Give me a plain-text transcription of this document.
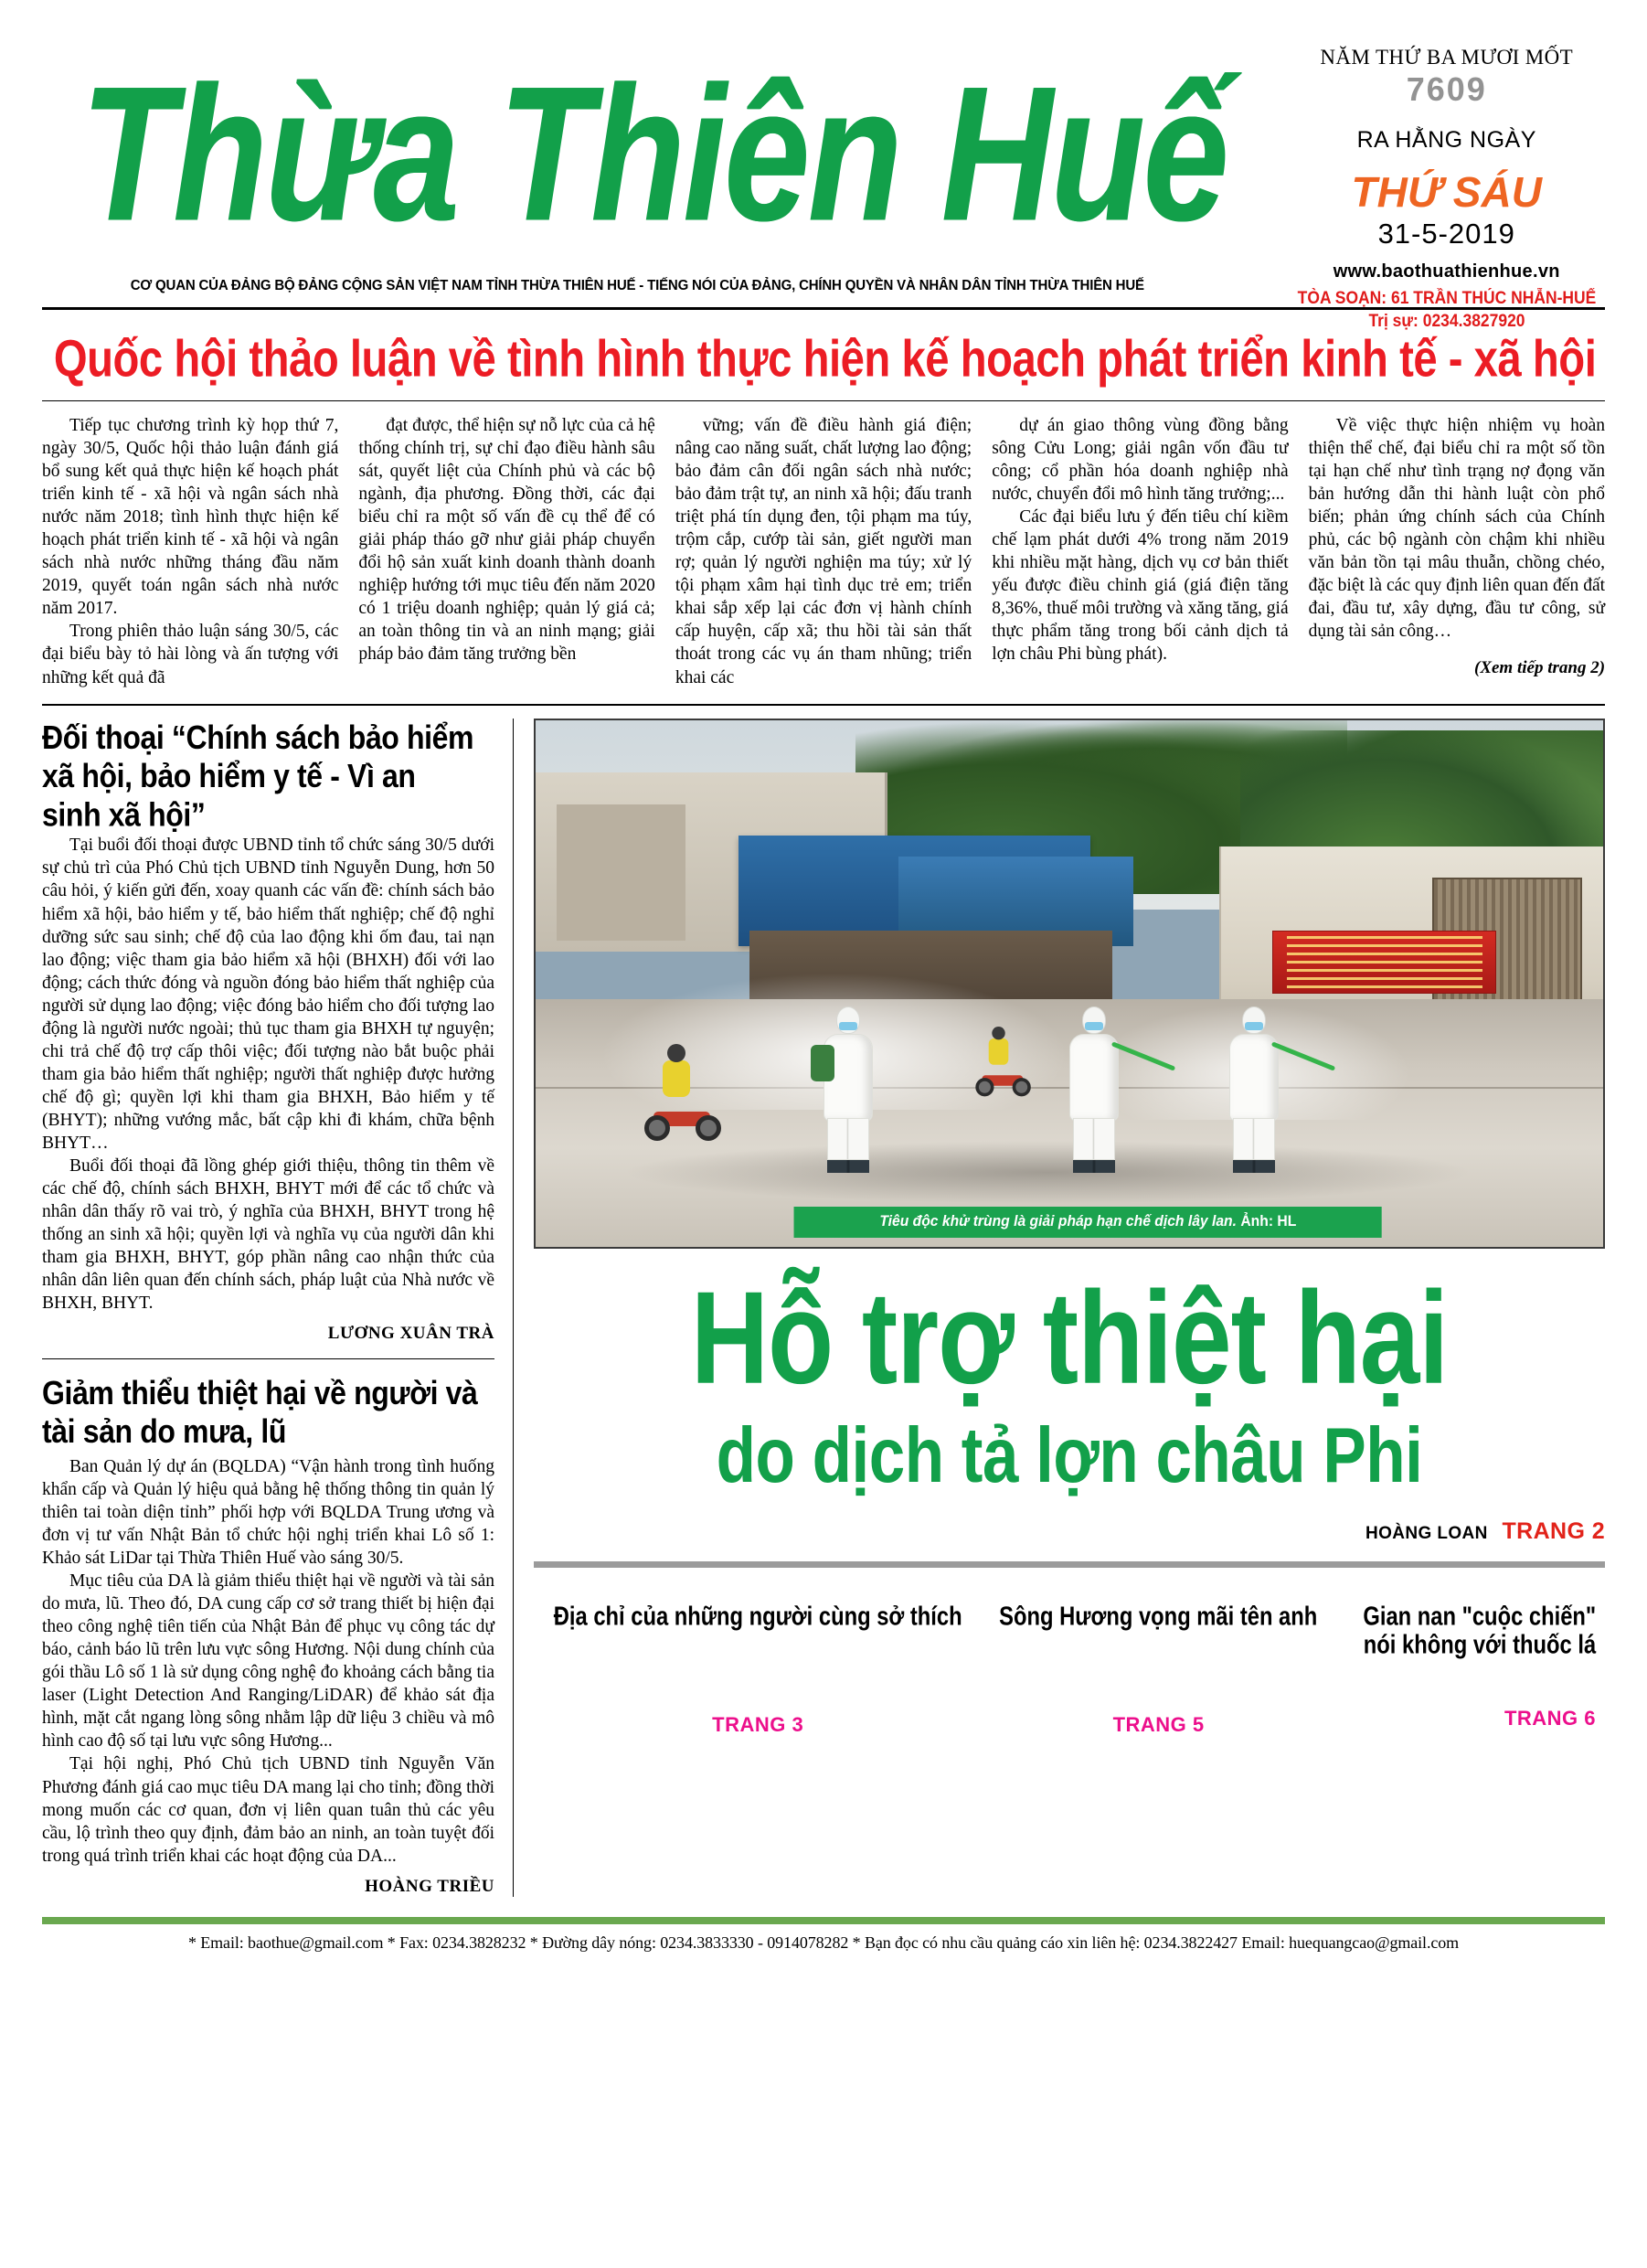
Thừa Thiên Huế	NĂM THỨ BA MƯƠI MỐT
7609
RA HẰNG NGÀY
THỨ SÁU
31-5-2019
www.baothuathienhue.vn
TÒA SOẠN: 61 TRẦN THÚC NHẪN-HUẾ
Trị sự: 0234.3827920
CƠ QUAN CỦA ĐẢNG BỘ ĐẢNG CỘNG SẢN VIỆT NAM TỈNH THỪA THIÊN HUẾ - TIẾNG NÓI CỦA ĐẢNG, CHÍNH QUYỀN VÀ NHÂN DÂN TỈNH THỪA THIÊN HUẾ
Quốc hội thảo luận về tình hình thực hiện kế hoạch phát triển kinh tế - xã hội

Tiếp tục chương trình kỳ họp thứ 7, ngày 30/5, Quốc hội thảo luận đánh giá bổ sung kết quả thực hiện kế hoạch phát triển kinh tế - xã hội và ngân sách nhà nước năm 2018; tình hình thực hiện kế hoạch phát triển kinh tế - xã hội và ngân sách nhà nước những tháng đầu năm 2019, quyết toán ngân sách nhà nước năm 2017.

Trong phiên thảo luận sáng 30/5, các đại biểu bày tỏ hài lòng và ấn tượng với những kết quả đã

đạt được, thể hiện sự nỗ lực của cả hệ thống chính trị, sự chỉ đạo điều hành sâu sát, quyết liệt của Chính phủ và các bộ ngành, địa phương. Đồng thời, các đại biểu chỉ ra một số vấn đề cụ thể để có giải pháp tháo gỡ như giải pháp chuyển đổi hộ sản xuất kinh doanh thành doanh nghiệp hướng tới mục tiêu đến năm 2020 có 1 triệu doanh nghiệp; quản lý giá cả; an toàn thông tin và an ninh mạng; giải pháp bảo đảm tăng trưởng bền

vững; vấn đề điều hành giá điện; nâng cao năng suất, chất lượng lao động; bảo đảm cân đối ngân sách nhà nước; bảo đảm trật tự, an ninh xã hội; đấu tranh triệt phá tín dụng đen, tội phạm ma túy, trộm cắp, cướp tài sản, giết người man rợ; quản lý người nghiện ma túy; xử lý tội phạm xâm hại tình dục trẻ em; triển khai sắp xếp lại các đơn vị hành chính cấp huyện, cấp xã; thu hồi tài sản thất thoát trong các vụ án tham nhũng; triển khai các

dự án giao thông vùng đồng bằng sông Cửu Long; giải ngân vốn đầu tư công; cổ phần hóa doanh nghiệp nhà nước, chuyển đổi mô hình tăng trưởng;...

Các đại biểu lưu ý đến tiêu chí kiềm chế lạm phát dưới 4% trong năm 2019 khi nhiều mặt hàng, dịch vụ cơ bản thiết yếu được điều chỉnh giá (giá điện tăng 8,36%, thuế môi trường và xăng tăng, giá thực phẩm tăng trong bối cảnh dịch tả lợn châu Phi bùng phát).

Về việc thực hiện nhiệm vụ hoàn thiện thể chế, đại biểu chỉ ra một số tồn tại hạn chế như tình trạng nợ đọng văn bản hướng dẫn thi hành luật còn phổ biến; phản ứng chính sách của Chính phủ, các bộ ngành còn chậm khi nhiều văn bản tồn tại mâu thuẫn, chồng chéo, đặc biệt là các quy định liên quan đến đất đai, đầu tư, xây dựng, đầu tư công, sử dụng tài sản công…

(Xem tiếp trang 2)
Đối thoại “Chính sách bảo hiểm xã hội, bảo hiểm y tế - Vì an sinh xã hội”

Tại buổi đối thoại được UBND tỉnh tổ chức sáng 30/5 dưới sự chủ trì của Phó Chủ tịch UBND tỉnh Nguyễn Dung, hơn 50 câu hỏi, ý kiến gửi đến, xoay quanh các vấn đề: chính sách bảo hiểm xã hội, bảo hiểm y tế, bảo hiểm thất nghiệp; chế độ nghỉ dưỡng sức sau sinh; chế độ của lao động khi ốm đau, tai nạn lao động; việc tham gia bảo hiểm xã hội (BHXH) đối với lao động; cách thức đóng và nguồn đóng bảo hiểm thất nghiệp của người sử dụng lao động; việc đóng bảo hiểm cho đối tượng lao động là người nước ngoài; thủ tục tham gia BHXH tự nguyện; chi trả chế độ trợ cấp thôi việc; đối tượng nào bắt buộc phải tham gia bảo hiểm thất nghiệp; người thất nghiệp được hưởng chế độ gì; quyền lợi khi tham gia BHXH, Bảo hiểm y tế (BHYT); những vướng mắc, bất cập khi đi khám, chữa bệnh BHYT…

Buổi đối thoại đã lồng ghép giới thiệu, thông tin thêm về các chế độ, chính sách BHXH, BHYT mới để các tổ chức và nhân dân thấy rõ vai trò, ý nghĩa của BHXH, BHYT trong hệ thống an sinh xã hội; quyền lợi và nghĩa vụ của người dân khi tham gia BHXH, BHYT, góp phần nâng cao nhận thức của nhân dân liên quan đến chính sách, pháp luật của Nhà nước về BHXH, BHYT.

LƯƠNG XUÂN TRÀ
Giảm thiểu thiệt hại về người và tài sản do mưa, lũ

Ban Quản lý dự án (BQLDA) “Vận hành trong tình huống khẩn cấp và Quản lý hiệu quả bằng hệ thống thông tin quản lý thiên tai toàn diện tỉnh” phối hợp với BQLDA Trung ương và đơn vị tư vấn Nhật Bản tổ chức hội nghị triển khai Lô số 1: Khảo sát LiDar tại Thừa Thiên Huế vào sáng 30/5.

Mục tiêu của DA là giảm thiểu thiệt hại về người và tài sản do mưa, lũ. Theo đó, DA cung cấp cơ sở trang thiết bị hiện đại theo công nghệ tiên tiến của Nhật Bản để phục vụ công tác dự báo, cảnh báo lũ trên lưu vực sông Hương. Nội dung chính của gói thầu Lô số 1 là sử dụng công nghệ đo khoảng cách bằng tia laser (Light Detection And Ranging/LiDAR) để khảo sát địa hình, mặt cắt ngang lòng sông nhằm lập dữ liệu 3 chiều và mô hình cao độ số tại lưu vực sông Hương...

Tại hội nghị, Phó Chủ tịch UBND tỉnh Nguyễn Văn Phương đánh giá cao mục tiêu DA mang lại cho tỉnh; đồng thời mong muốn các cơ quan, đơn vị liên quan tuân thủ các yêu cầu, lộ trình theo quy định, đảm bảo an ninh, an toàn tuyệt đối trong quá trình triển khai các hoạt động của DA...

HOÀNG TRIỀU
Tiêu độc khử trùng là giải pháp hạn chế dịch lây lan. Ảnh: HL
Hỗ trợ thiệt hại
do dịch tả lợn châu Phi
HOÀNG LOAN TRANG 2
Địa chỉ của những người cùng sở thích
TRANG 3
Sông Hương vọng mãi tên anh
TRANG 5
Gian nan "cuộc chiến"
nói không với thuốc lá
TRANG 6
* Email: baothue@gmail.com * Fax: 0234.3828232 * Đường dây nóng: 0234.3833330 - 0914078282 * Bạn đọc có nhu cầu quảng cáo xin liên hệ: 0234.3822427 Email: huequangcao@gmail.com
